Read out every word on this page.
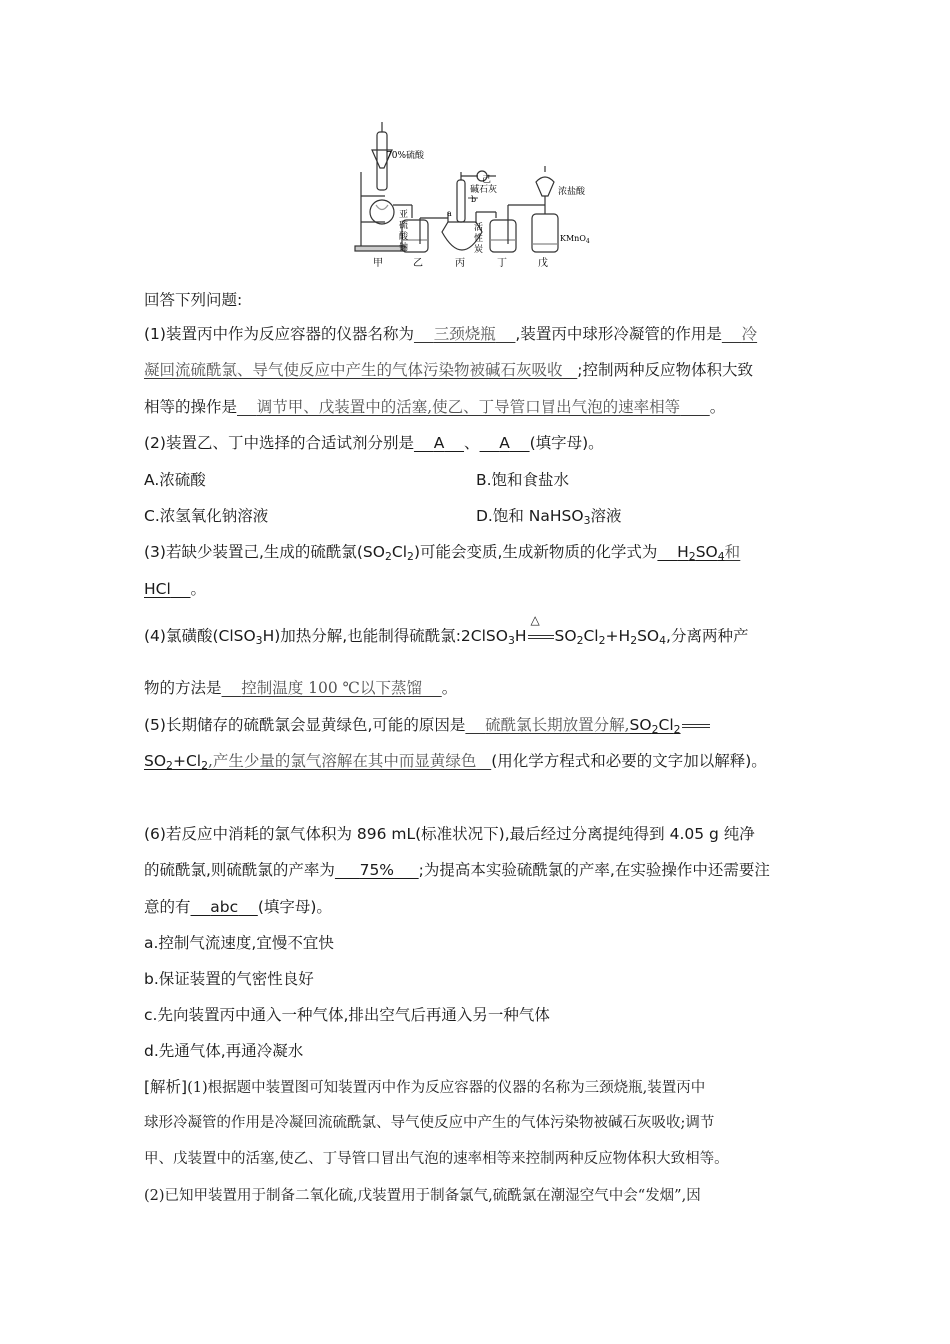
70%硫酸
亚
硫
酸
钠
己
碱石灰
b
a
活
性
炭
浓盐酸
KMnO$_4$
甲	乙	丙	丁	戊
回答下列问题:
(1)装置丙中作为反应容器的仪器名称为 三颈烧瓶 ,装置丙中球形冷凝管的作用是 冷
凝回流硫酰氯、导气使反应中产生的气体污染物被碱石灰吸收 ;控制两种反应物体积大致
相等的操作是 调节甲、戊装置中的活塞,使乙、丁导管口冒出气泡的速率相等 。
(2)装置乙、丁中选择的合适试剂分别是 A 、 A (填字母)。
A.浓硫酸	B.饱和食盐水
C.浓氢氧化钠溶液	D.饱和 NaHSO$_3$溶液
(3)若缺少装置己,生成的硫酰氯$(SO_2Cl_2)$可能会变质,生成新物质的化学式为 $H_2SO_4$和
HCl 。
(4)氯磺酸(ClSO$_3$H)加热分解,也能制得硫酰氯:2ClSO$_3$H
△
$SO_2Cl_2+H_2SO_4$,分离两种产
物的方法是 控制温度 100 ℃以下蒸馏 。
(5)长期储存的硫酰氯会显黄绿色,可能的原因是 硫酰氯长期放置分解$,SO_2Cl_2$
$SO_2+Cl_2$,产生少量的氯气溶解在其中而显黄绿色 (用化学方程式和必要的文字加以解释)。
(6)若反应中消耗的氯气体积为 896 mL(标准状况下),最后经过分离提纯得到 4.05 g 纯净
的硫酰氯,则硫酰氯的产率为 75% ;为提高本实验硫酰氯的产率,在实验操作中还需要注
意的有 abc (填字母)。
a.控制气流速度,宜慢不宜快
b.保证装置的气密性良好
c.先向装置丙中通入一种气体,排出空气后再通入另一种气体
d.先通气体,再通冷凝水
[解析](1)根据题中装置图可知装置丙中作为反应容器的仪器的名称为三颈烧瓶,装置丙中
球形冷凝管的作用是冷凝回流硫酰氯、导气使反应中产生的气体污染物被碱石灰吸收;调节
甲、戊装置中的活塞,使乙、丁导管口冒出气泡的速率相等来控制两种反应物体积大致相等。
(2)已知甲装置用于制备二氧化硫,戊装置用于制备氯气,硫酰氯在潮湿空气中会“发烟”,因
